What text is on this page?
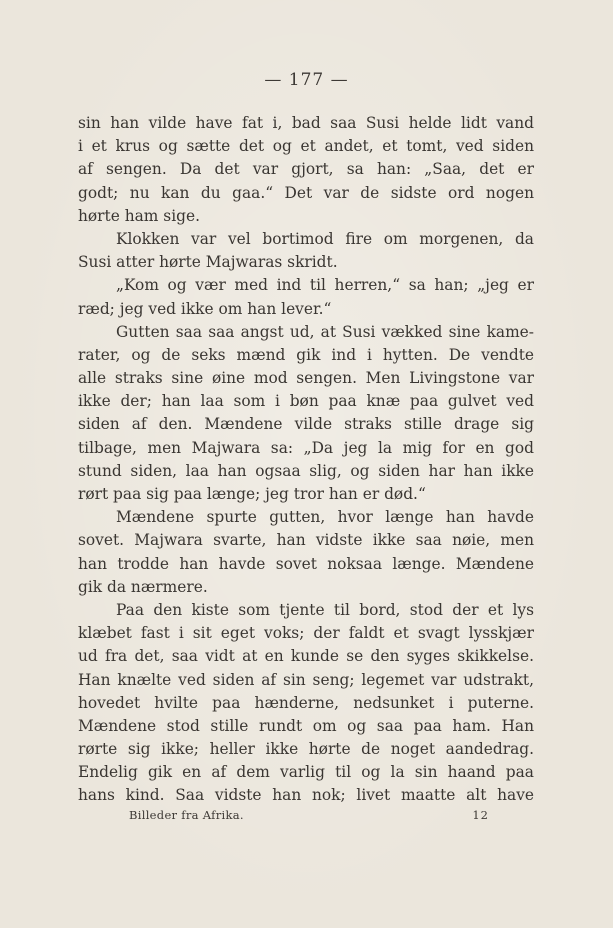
— 177 —
sin han vilde have fat i, bad saa Susi helde lidt vand
i et krus og sætte det og et andet, et tomt, ved siden
af sengen. Da det var gjort, sa han: „Saa, det er
godt; nu kan du gaa.“ Det var de sidste ord nogen
hørte ham sige.
Klokken var vel bortimod fire om morgenen, da
Susi atter hørte Majwaras skridt.
„Kom og vær med ind til herren,“ sa han; „jeg er
ræd; jeg ved ikke om han lever.“
Gutten saa saa angst ud, at Susi vækked sine kame-
rater, og de seks mænd gik ind i hytten. De vendte
alle straks sine øine mod sengen. Men Livingstone var
ikke der; han laa som i bøn paa knæ paa gulvet ved
siden af den. Mændene vilde straks stille drage sig
tilbage, men Majwara sa: „Da jeg la mig for en god
stund siden, laa han ogsaa slig, og siden har han ikke
rørt paa sig paa længe; jeg tror han er død.“
Mændene spurte gutten, hvor længe han havde
sovet. Majwara svarte, han vidste ikke saa nøie, men
han trodde han havde sovet noksaa længe. Mændene
gik da nærmere.
Paa den kiste som tjente til bord, stod der et lys
klæbet fast i sit eget voks; der faldt et svagt lysskjær
ud fra det, saa vidt at en kunde se den syges skikkelse.
Han knælte ved siden af sin seng; legemet var udstrakt,
hovedet hvilte paa hænderne, nedsunket i puterne.
Mændene stod stille rundt om og saa paa ham. Han
rørte sig ikke; heller ikke hørte de noget aandedrag.
Endelig gik en af dem varlig til og la sin haand paa
hans kind. Saa vidste han nok; livet maatte alt have
Billeder fra Afrika.	12
